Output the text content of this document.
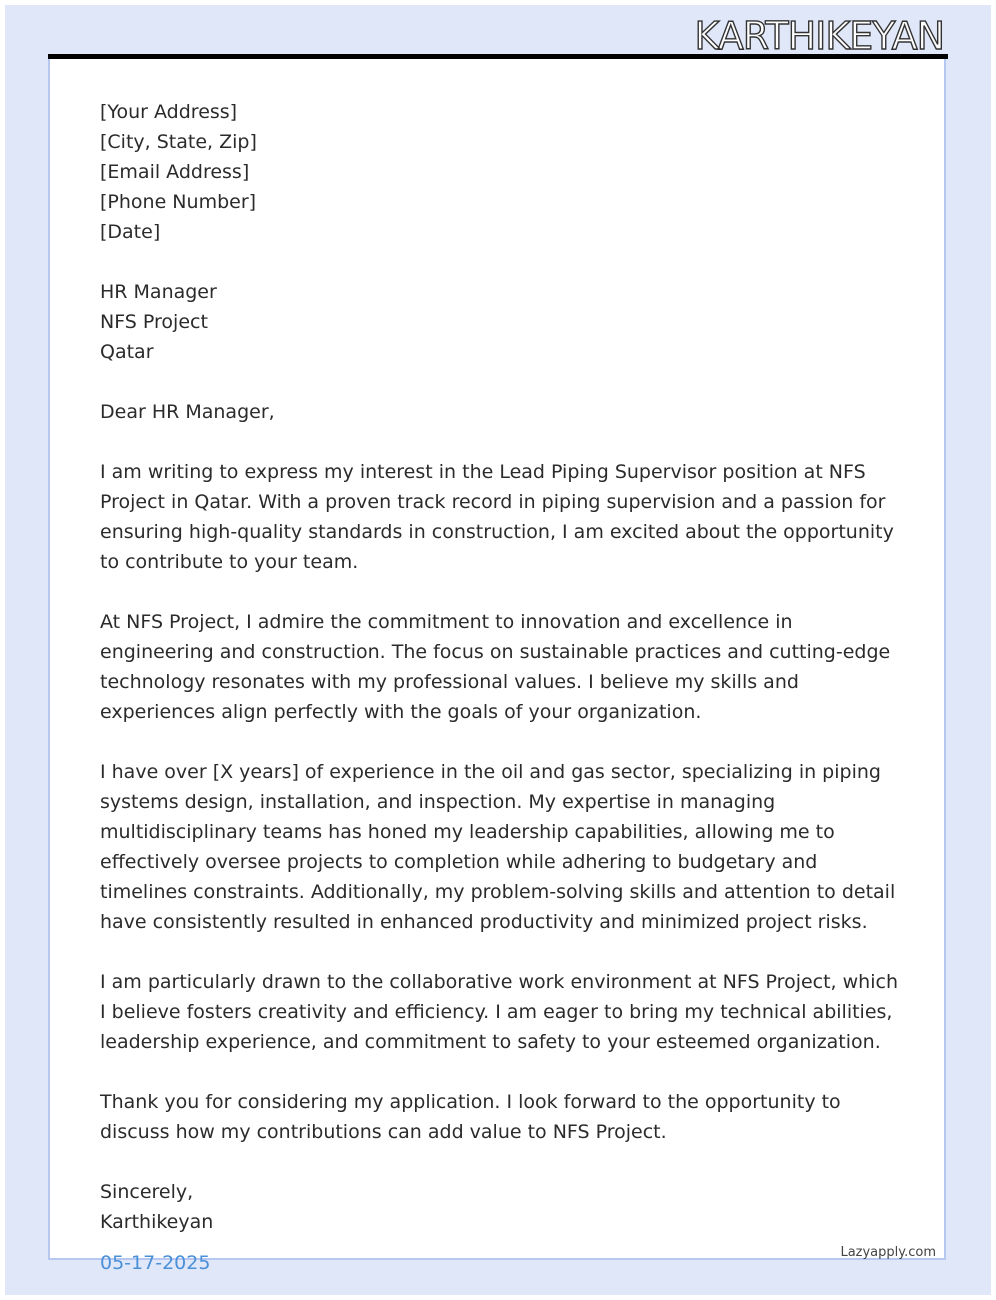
KARTHIKEYAN
[Your Address]
[City, State, Zip]
[Email Address]
[Phone Number]
[Date]
HR Manager
NFS Project
Qatar
Dear HR Manager,
I am writing to express my interest in the Lead Piping Supervisor position at NFS Project in Qatar. With a proven track record in piping supervision and a passion for ensuring high-quality standards in construction, I am excited about the opportunity to contribute to your team.
At NFS Project, I admire the commitment to innovation and excellence in engineering and construction. The focus on sustainable practices and cutting-edge technology resonates with my professional values. I believe my skills and experiences align perfectly with the goals of your organization.
I have over [X years] of experience in the oil and gas sector, specializing in piping systems design, installation, and inspection. My expertise in managing multidisciplinary teams has honed my leadership capabilities, allowing me to effectively oversee projects to completion while adhering to budgetary and timelines constraints. Additionally, my problem-solving skills and attention to detail have consistently resulted in enhanced productivity and minimized project risks.
I am particularly drawn to the collaborative work environment at NFS Project, which I believe fosters creativity and efficiency. I am eager to bring my technical abilities, leadership experience, and commitment to safety to your esteemed organization.
Thank you for considering my application. I look forward to the opportunity to discuss how my contributions can add value to NFS Project.
Sincerely,
Karthikeyan
05-17-2025	Lazyapply.com
